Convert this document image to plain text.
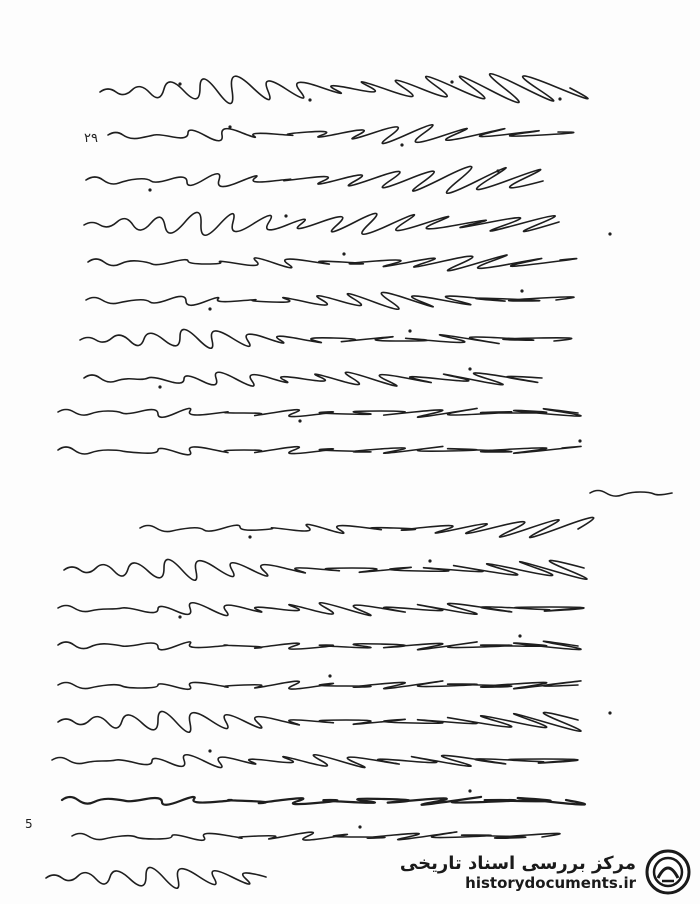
۲۹
5
مرکز بررسی اسناد تاریخی
historydocuments.ir
